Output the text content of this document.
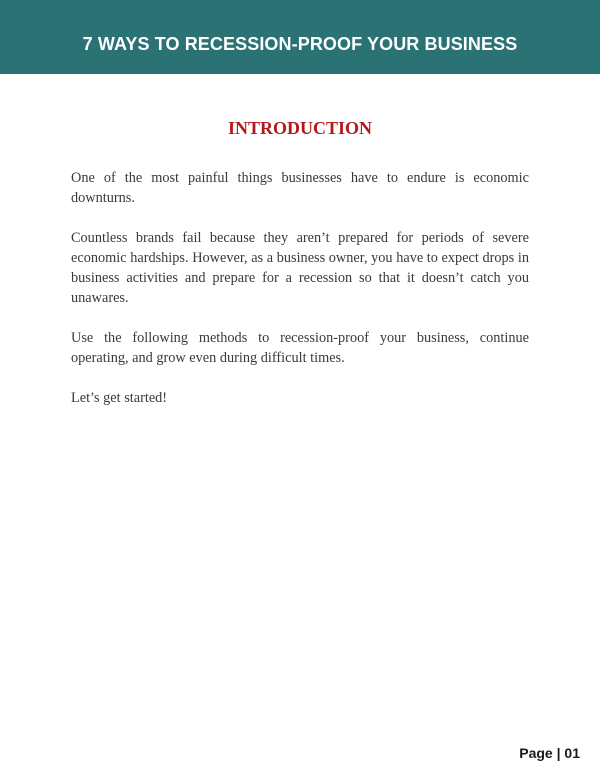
7 WAYS TO RECESSION-PROOF YOUR BUSINESS
INTRODUCTION

One of the most painful things businesses have to endure is economic downturns.

Countless brands fail because they aren’t prepared for periods of severe economic hardships. However, as a business owner, you have to expect drops in business activities and prepare for a recession so that it doesn’t catch you unawares.

Use the following methods to recession-proof your business, continue operating, and grow even during difficult times.

Let’s get started!

Page | 01
